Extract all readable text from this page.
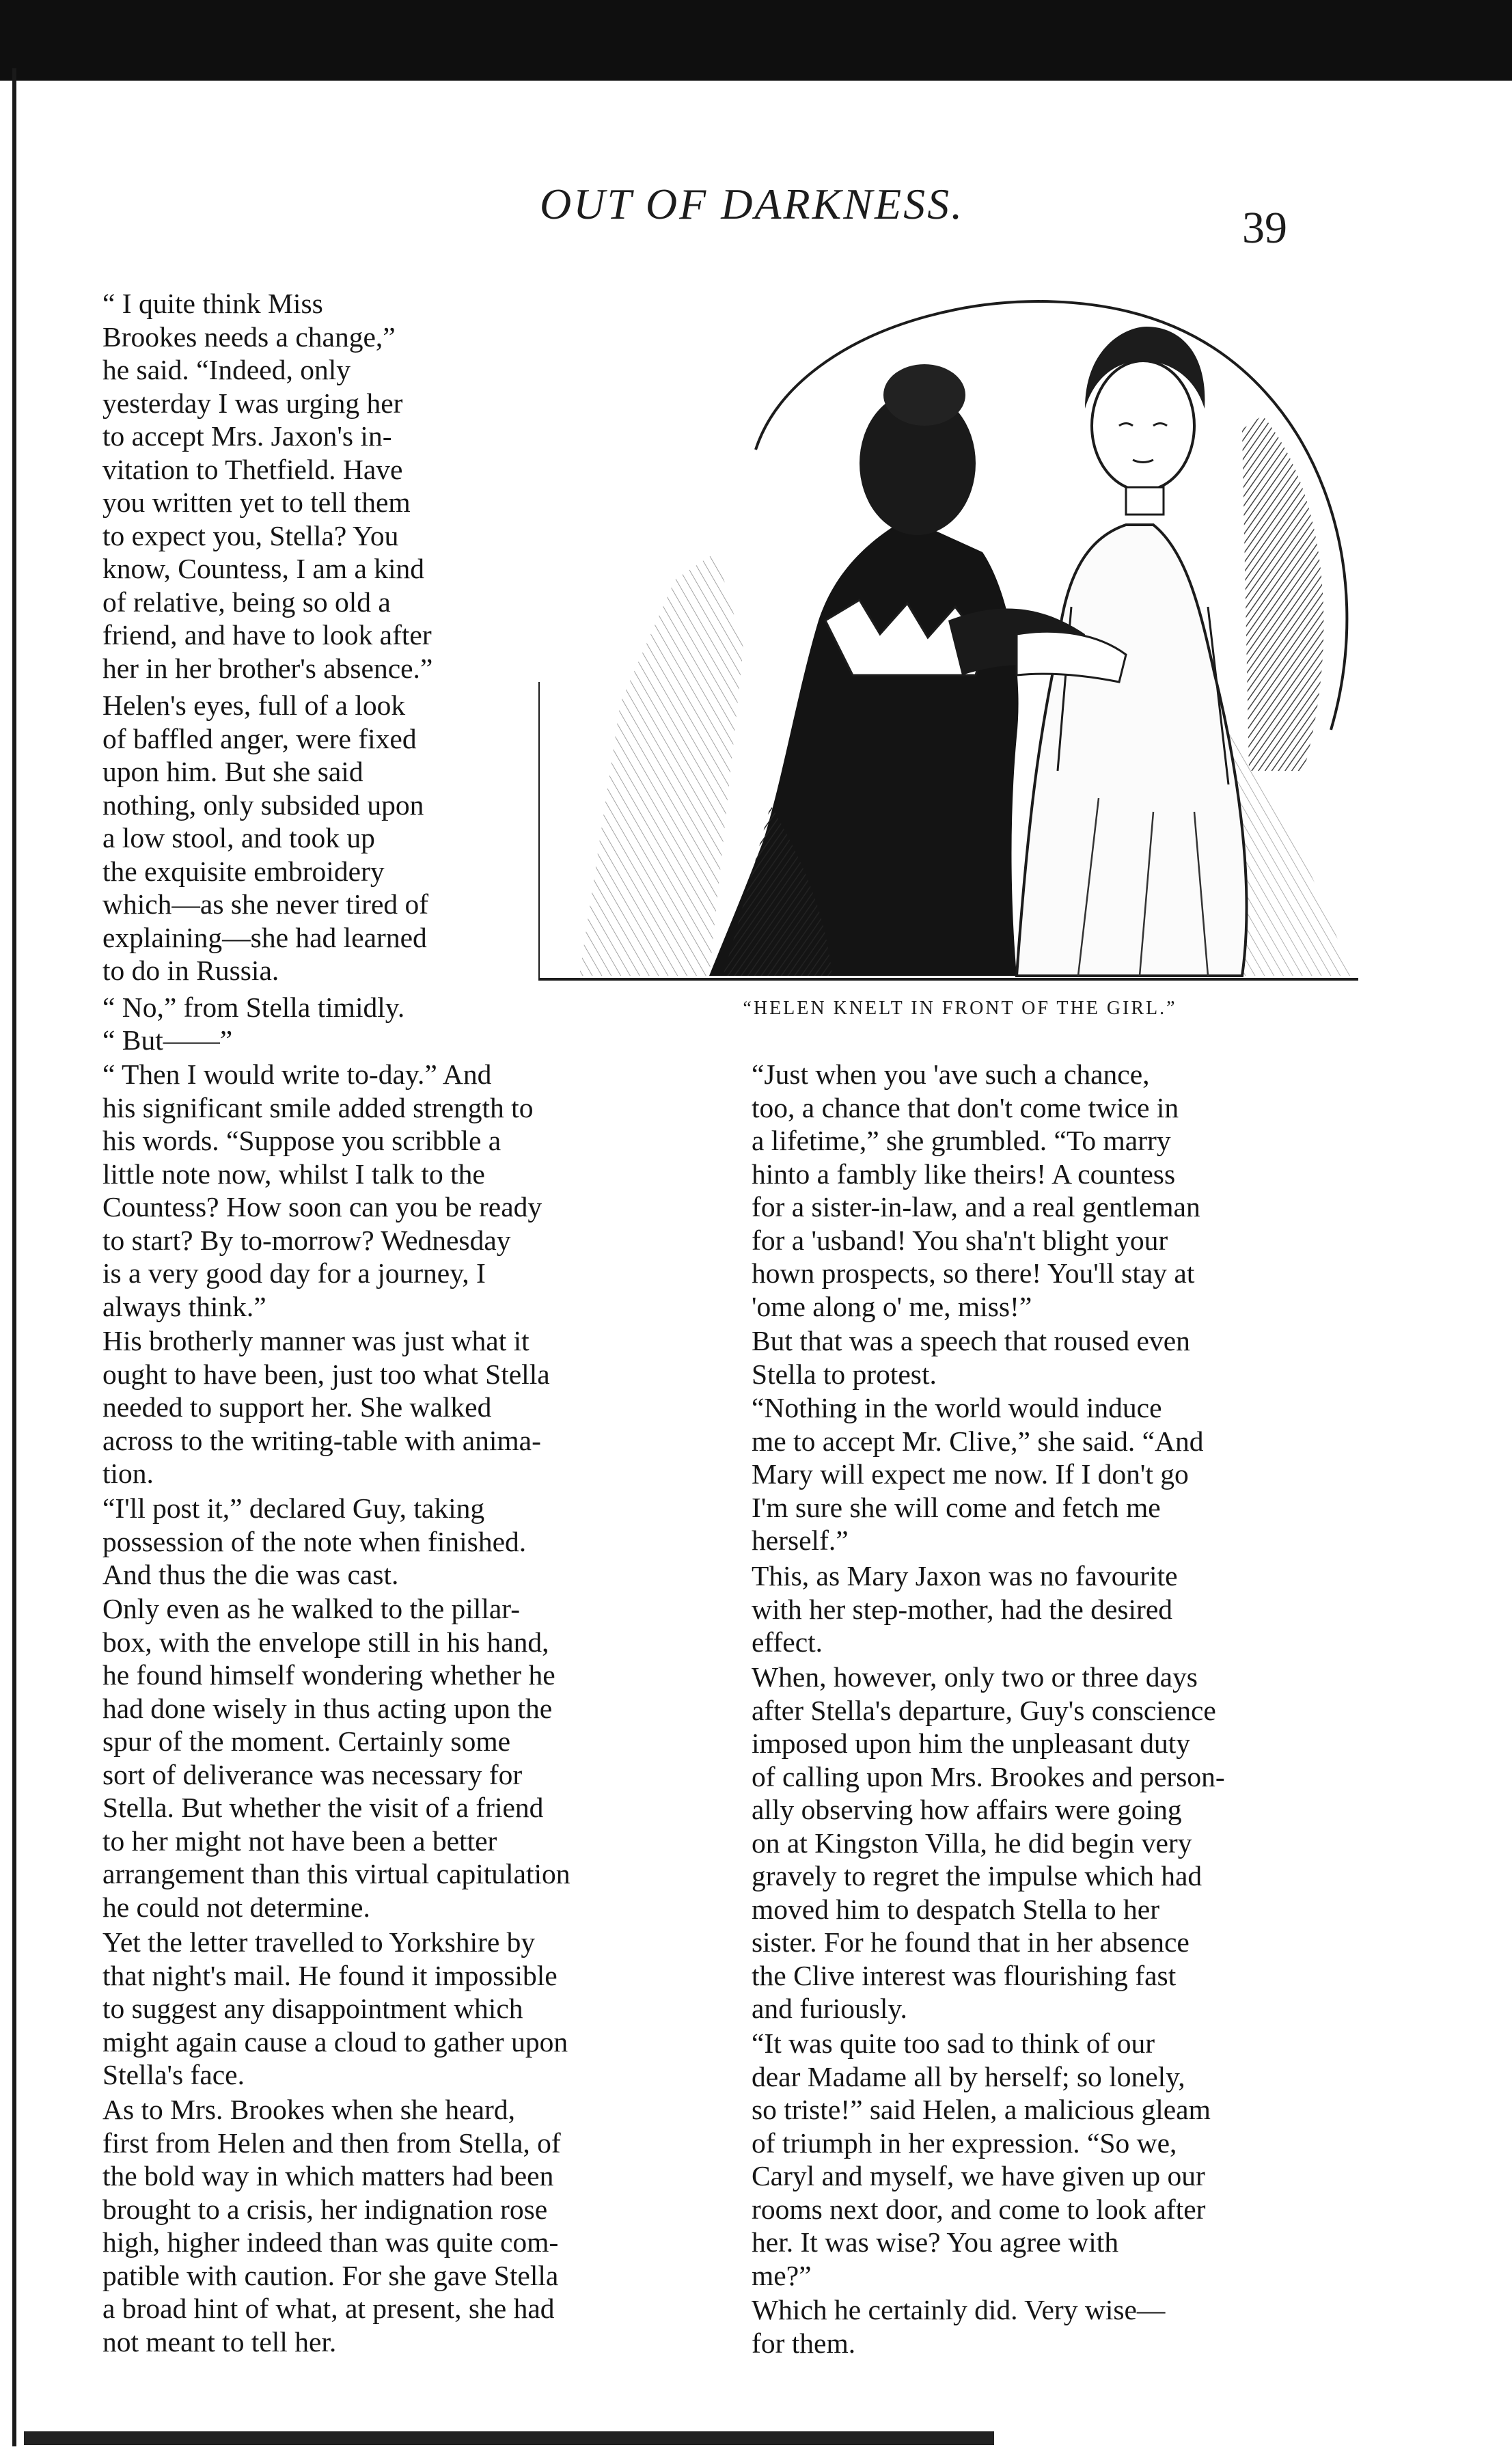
OUT OF DARKNESS.	39
“HELEN KNELT IN FRONT OF THE GIRL.”

“ I quite think Miss
Brookes needs a change,”
he said. “Indeed, only
yesterday I was urging her
to accept Mrs. Jaxon's in-
vitation to Thetfield. Have
you written yet to tell them
to expect you, Stella? You
know, Countess, I am a kind
of relative, being so old a
friend, and have to look after
her in her brother's absence.”

Helen's eyes, full of a look
of baffled anger, were fixed
upon him. But she said
nothing, only subsided upon
a low stool, and took up
the exquisite embroidery
which—as she never tired of
explaining—she had learned
to do in Russia.

“ No,” from Stella timidly.

“ But——”

“ Then I would write to-day.” And
his significant smile added strength to
his words. “Suppose you scribble a
little note now, whilst I talk to the
Countess? How soon can you be ready
to start? By to-morrow? Wednesday
is a very good day for a journey, I
always think.”

His brotherly manner was just what it
ought to have been, just too what Stella
needed to support her. She walked
across to the writing-table with anima-
tion.

“I'll post it,” declared Guy, taking
possession of the note when finished.
And thus the die was cast.

Only even as he walked to the pillar-
box, with the envelope still in his hand,
he found himself wondering whether he
had done wisely in thus acting upon the
spur of the moment. Certainly some
sort of deliverance was necessary for
Stella. But whether the visit of a friend
to her might not have been a better
arrangement than this virtual capitulation
he could not determine.

Yet the letter travelled to Yorkshire by
that night's mail. He found it impossible
to suggest any disappointment which
might again cause a cloud to gather upon
Stella's face.

As to Mrs. Brookes when she heard,
first from Helen and then from Stella, of
the bold way in which matters had been
brought to a crisis, her indignation rose
high, higher indeed than was quite com-
patible with caution. For she gave Stella
a broad hint of what, at present, she had
not meant to tell her.

“Just when you 'ave such a chance,
too, a chance that don't come twice in
a lifetime,” she grumbled. “To marry
hinto a fambly like theirs! A countess
for a sister-in-law, and a real gentleman
for a 'usband! You sha'n't blight your
hown prospects, so there! You'll stay at
'ome along o' me, miss!”

But that was a speech that roused even
Stella to protest.

“Nothing in the world would induce
me to accept Mr. Clive,” she said. “And
Mary will expect me now. If I don't go
I'm sure she will come and fetch me
herself.”

This, as Mary Jaxon was no favourite
with her step-mother, had the desired
effect.

When, however, only two or three days
after Stella's departure, Guy's conscience
imposed upon him the unpleasant duty
of calling upon Mrs. Brookes and person-
ally observing how affairs were going
on at Kingston Villa, he did begin very
gravely to regret the impulse which had
moved him to despatch Stella to her
sister. For he found that in her absence
the Clive interest was flourishing fast
and furiously.

“It was quite too sad to think of our
dear Madame all by herself; so lonely,
so triste!” said Helen, a malicious gleam
of triumph in her expression. “So we,
Caryl and myself, we have given up our
rooms next door, and come to look after
her. It was wise? You agree with
me?”

Which he certainly did. Very wise—
for them.
